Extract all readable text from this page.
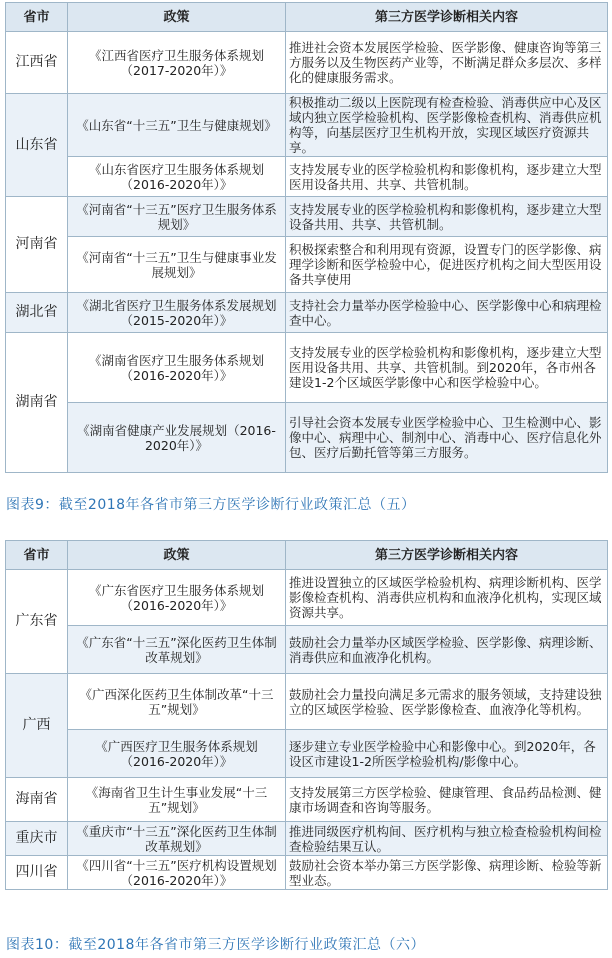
省市	政策	第三方医学诊断相关内容
江西省	《江西省医疗卫生服务体系规划（2017-2020年）》	推进社会资本发展医学检验、医学影像、健康咨询等第三方服务以及生物医药产业等，不断满足群众多层次、多样化的健康服务需求。
山东省	《山东省“十三五”卫生与健康规划》	积极推动二级以上医院现有检查检验、消毒供应中心及区域内独立医学检验机构、医学影像检查机构、消毒供应机构等，向基层医疗卫生机构开放，实现区域医疗资源共享。
	《山东省医疗卫生服务体系规划（2016-2020年）》	支持发展专业的医学检验机构和影像机构，逐步建立大型医用设备共用、共享、共管机制。
河南省	《河南省“十三五”医疗卫生服务体系规划》	支持发展专业的医学检验机构和影像机构，逐步建立大型设备共用、共享、共管机制。
	《河南省“十三五”卫生与健康事业发展规划》	积极探索整合和利用现有资源，设置专门的医学影像、病理学诊断和医学检验中心，促进医疗机构之间大型医用设备共享使用
湖北省	《湖北省医疗卫生服务体系发展规划（2015-2020年）》	支持社会力量举办医学检验中心、医学影像中心和病理检查中心。
湖南省	《湖南省医疗卫生服务体系规划（2016-2020年）》	支持发展专业的医学检验机构和影像机构，逐步建立大型医用设备共用、共享、共管机制。到2020年，各市州各建设1-2个区域医学影像中心和医学检验中心。
	《湖南省健康产业发展规划（2016-2020年）》	引导社会资本发展专业医学检验中心、卫生检测中心、影像中心、病理中心、制剂中心、消毒中心、医疗信息化外包、医疗后勤托管等第三方服务。
图表9：截至2018年各省市第三方医学诊断行业政策汇总（五）
省市	政策	第三方医学诊断相关内容
广东省	《广东省医疗卫生服务体系规划（2016-2020年）》	推进设置独立的区域医学检验机构、病理诊断机构、医学影像检查机构、消毒供应机构和血液净化机构，实现区域资源共享。
	《广东省“十三五”深化医药卫生体制改革规划》	鼓励社会力量举办区域医学检验、医学影像、病理诊断、消毒供应和血液净化机构。
广西	《广西深化医药卫生体制改革“十三五”规划》	鼓励社会力量投向满足多元需求的服务领域，支持建设独立的区域医学检验、医学影像检查、血液净化等机构。
	《广西医疗卫生服务体系规划（2016-2020年）》	逐步建立专业医学检验中心和影像中心。到2020年，各设区市建设1-2所医学检验机构/影像中心。
海南省	《海南省卫生计生事业发展“十三五”规划》	支持发展第三方医学检验、健康管理、食品药品检测、健康市场调查和咨询等服务。
重庆市	《重庆市“十三五”深化医药卫生体制改革规划》	推进同级医疗机构间、医疗机构与独立检查检验机构间检查检验结果互认。
四川省	《四川省“十三五”医疗机构设置规划（2016-2020年）》	鼓励社会资本举办第三方医学影像、病理诊断、检验等新型业态。
图表10：截至2018年各省市第三方医学诊断行业政策汇总（六）
